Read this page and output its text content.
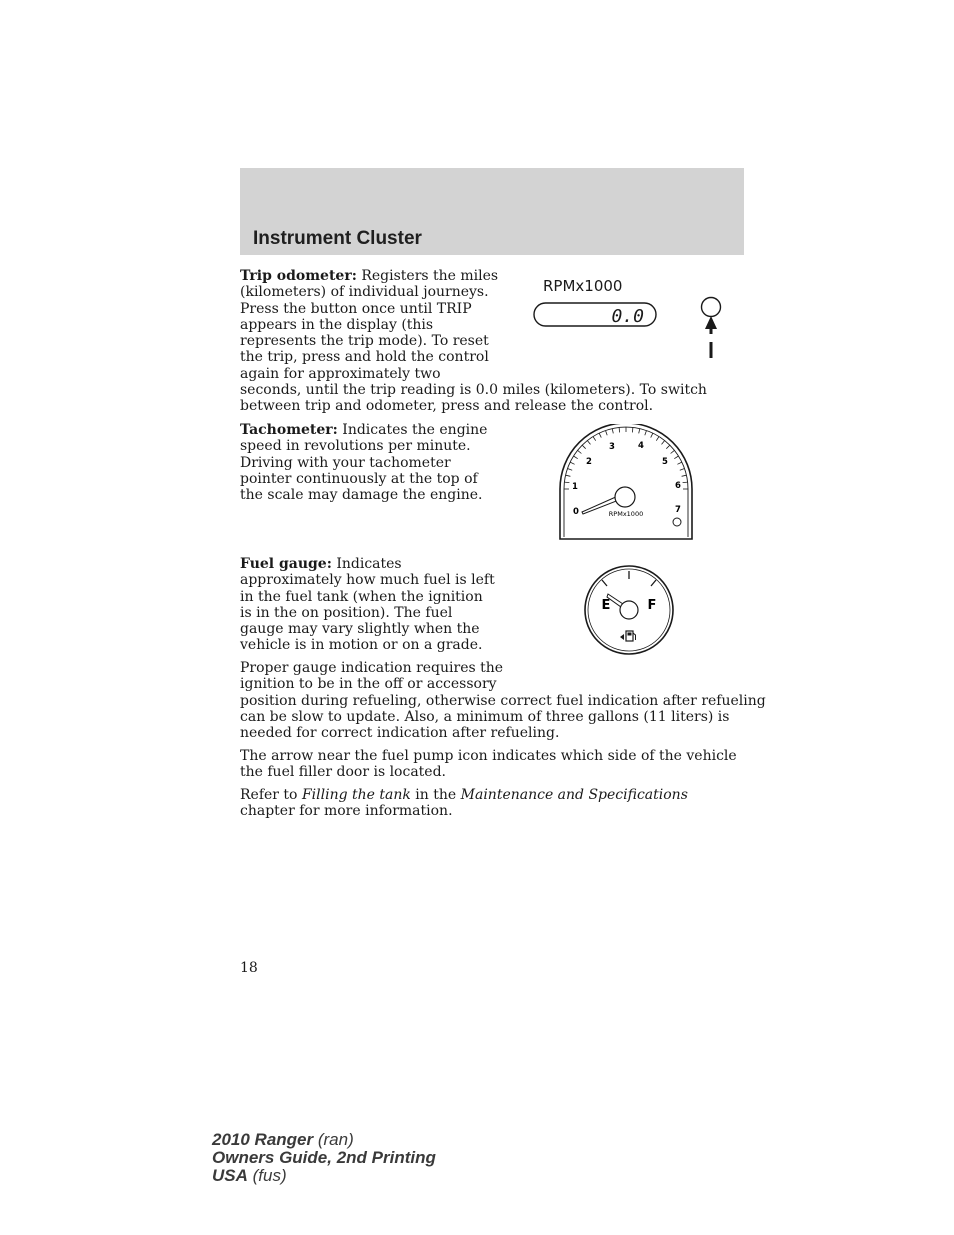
Instrument Cluster
Trip odometer: Registers the miles
(kilometers) of individual journeys.
Press the button once until TRIP
appears in the display (this
represents the trip mode). To reset
the trip, press and hold the control
again for approximately two
seconds, until the trip reading is 0.0 miles (kilometers). To switch
between trip and odometer, press and release the control.
RPMx1000
0.0
Tachometer: Indicates the engine
speed in revolutions per minute.
Driving with your tachometer
pointer continuously at the top of
the scale may damage the engine.
0
1
2
3	4
5
6
7
RPMx1000
Fuel gauge: Indicates
approximately how much fuel is left
in the fuel tank (when the ignition
is in the on position). The fuel
gauge may vary slightly when the
vehicle is in motion or on a grade.
E	F
Proper gauge indication requires the
ignition to be in the off or accessory
position during refueling, otherwise correct fuel indication after refueling
can be slow to update. Also, a minimum of three gallons (11 liters) is
needed for correct indication after refueling.
The arrow near the fuel pump icon indicates which side of the vehicle
the fuel filler door is located.
Refer to Filling the tank in the Maintenance and Specifications
chapter for more information.
18
2010 Ranger (ran)
Owners Guide, 2nd Printing
USA (fus)
